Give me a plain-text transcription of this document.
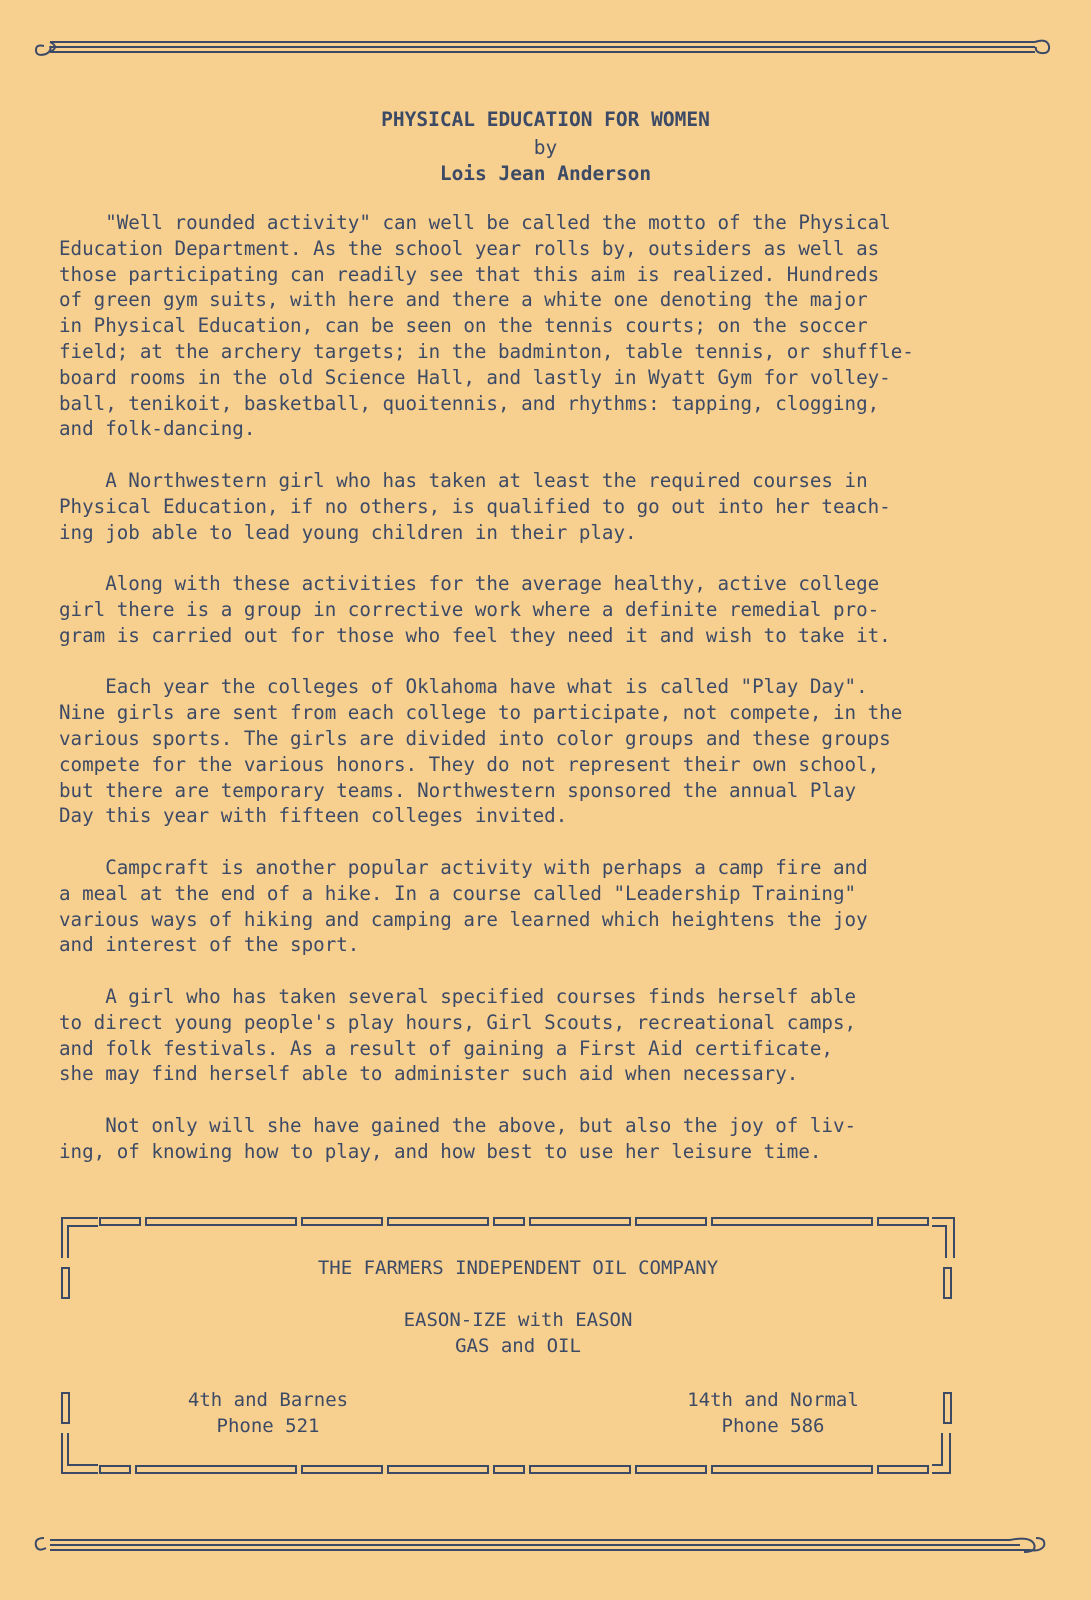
PHYSICAL EDUCATION FOR WOMEN
by
Lois Jean Anderson

"Well rounded activity" can well be called the motto of the Physical
Education Department. As the school year rolls by, outsiders as well as
those participating can readily see that this aim is realized. Hundreds
of green gym suits, with here and there a white one denoting the major
in Physical Education, can be seen on the tennis courts; on the soccer
field; at the archery targets; in the badminton, table tennis, or shuffle-
board rooms in the old Science Hall, and lastly in Wyatt Gym for volley-
ball, tenikoit, basketball, quoitennis, and rhythms: tapping, clogging,
and folk-dancing.

A Northwestern girl who has taken at least the required courses in
Physical Education, if no others, is qualified to go out into her teach-
ing job able to lead young children in their play.

Along with these activities for the average healthy, active college
girl there is a group in corrective work where a definite remedial pro-
gram is carried out for those who feel they need it and wish to take it.

Each year the colleges of Oklahoma have what is called "Play Day".
Nine girls are sent from each college to participate, not compete, in the
various sports. The girls are divided into color groups and these groups
compete for the various honors. They do not represent their own school,
but there are temporary teams. Northwestern sponsored the annual Play
Day this year with fifteen colleges invited.

Campcraft is another popular activity with perhaps a camp fire and
a meal at the end of a hike. In a course called "Leadership Training"
various ways of hiking and camping are learned which heightens the joy
and interest of the sport.

A girl who has taken several specified courses finds herself able
to direct young people's play hours, Girl Scouts, recreational camps,
and folk festivals. As a result of gaining a First Aid certificate,
she may find herself able to administer such aid when necessary.

Not only will she have gained the above, but also the joy of liv-
ing, of knowing how to play, and how best to use her leisure time.

THE FARMERS INDEPENDENT OIL COMPANY
EASON-IZE with EASON
GAS and OIL
4th and Barnes
Phone 521
14th and Normal
Phone 586
